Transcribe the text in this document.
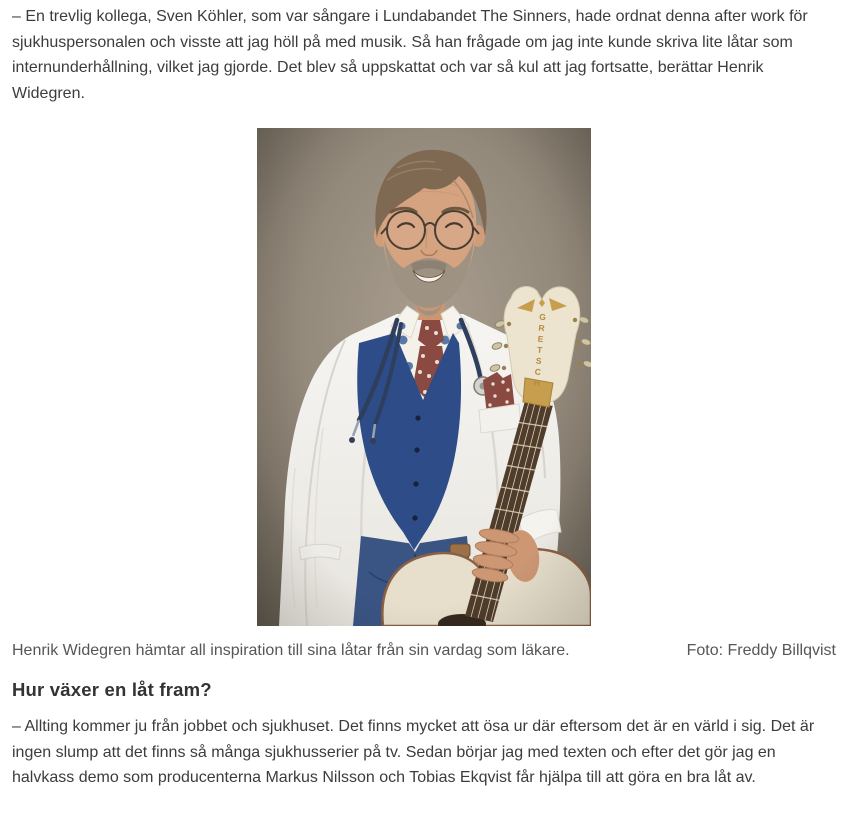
– En trevlig kollega, Sven Köhler, som var sångare i Lundabandet The Sinners, hade ordnat denna after work för sjukhuspersonalen och visste att jag höll på med musik. Så han frågade om jag inte kunde skriva lite låtar som internunderhållning, vilket jag gjorde. Det blev så uppskattat och var så kul att jag fortsatte, berättar Henrik Widegren.

Henrik Widegren hämtar all inspiration till sina låtar från sin vardag som läkare.	Foto: Freddy Billqvist
Hur växer en låt fram?

– Allting kommer ju från jobbet och sjukhuset. Det finns mycket att ösa ur där eftersom det är en värld i sig. Det är ingen slump att det finns så många sjukhusserier på tv. Sedan börjar jag med texten och efter det gör jag en halvkass demo som producenterna Markus Nilsson och Tobias Ekqvist får hjälpa till att göra en bra låt av.
